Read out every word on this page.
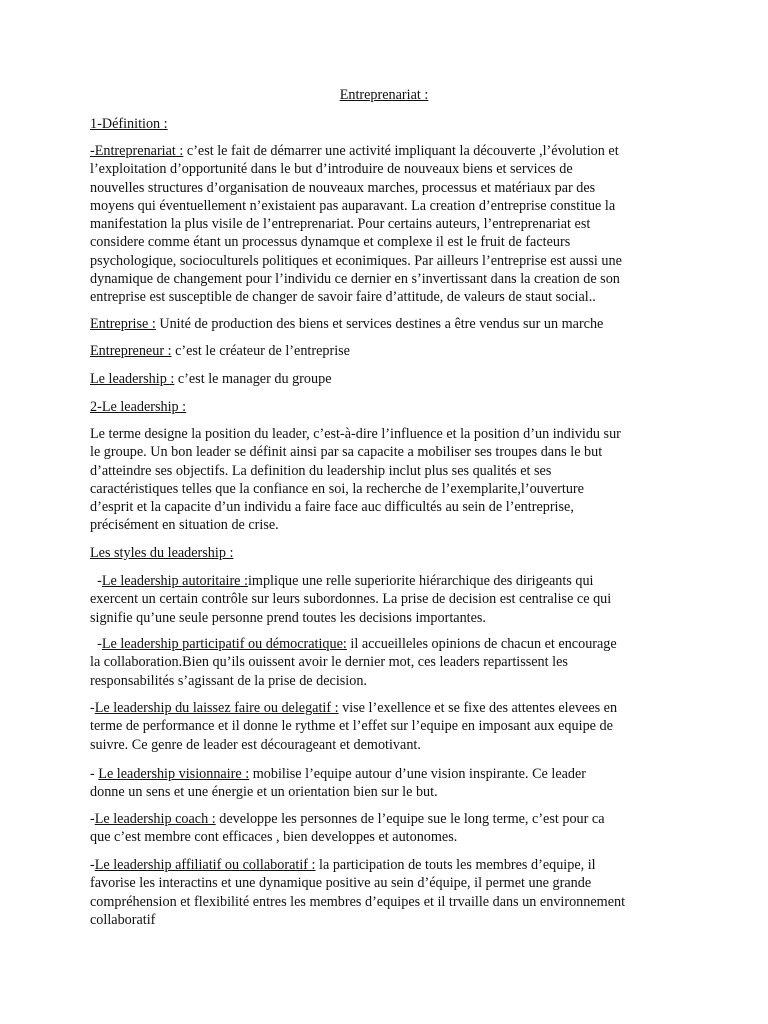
Entreprenariat :
1-Définition :
-Entreprenariat : c’est le fait de démarrer une activité impliquant la découverte ,l’évolution et
l’exploitation d’opportunité dans le but d’introduire de nouveaux biens et services de
nouvelles structures d’organisation de nouveaux marches, processus et matériaux par des
moyens qui éventuellement n’existaient pas auparavant. La creation d’entreprise constitue la
manifestation la plus visile de l’entreprenariat. Pour certains auteurs, l’entreprenariat est
considere comme étant un processus dynamque et complexe il est le fruit de facteurs
psychologique, socioculturels politiques et econimiques. Par ailleurs l’entreprise est aussi une
dynamique de changement pour l’individu ce dernier en s’invertissant dans la creation de son
entreprise est susceptible de changer de savoir faire d’attitude, de valeurs de staut social..
Entreprise : Unité de production des biens et services destines a être vendus sur un marche
Entrepreneur : c’est le créateur de l’entreprise
Le leadership : c’est le manager du groupe
2-Le leadership :
Le terme designe la position du leader, c’est-à-dire l’influence et la position d’un individu sur
le groupe. Un bon leader se définit ainsi par sa capacite a mobiliser ses troupes dans le but
d’atteindre ses objectifs. La definition du leadership inclut plus ses qualités et ses
caractéristiques telles que la confiance en soi, la recherche de l’exemplarite,l’ouverture
d’esprit et la capacite d’un individu a faire face auc difficultés au sein de l’entreprise,
précisément en situation de crise.
Les styles du leadership :
-Le leadership autoritaire :implique une relle superiorite hiérarchique des dirigeants qui
exercent un certain contrôle sur leurs subordonnes. La prise de decision est centralise ce qui
signifie qu’une seule personne prend toutes les decisions importantes.
-Le leadership participatif ou démocratique: il accueilleles opinions de chacun et encourage
la collaboration.Bien qu’ils ouissent avoir le dernier mot, ces leaders repartissent les
responsabilités s’agissant de la prise de decision.
-Le leadership du laissez faire ou delegatif : vise l’exellence et se fixe des attentes elevees en
terme de performance et il donne le rythme et l’effet sur l’equipe en imposant aux equipe de
suivre. Ce genre de leader est décourageant et demotivant.
- Le leadership visionnaire : mobilise l’equipe autour d’une vision inspirante. Ce leader
donne un sens et une énergie et un orientation bien sur le but.
-Le leadership coach : developpe les personnes de l’equipe sue le long terme, c’est pour ca
que c’est membre cont efficaces , bien developpes et autonomes.
-Le leadership affiliatif ou collaboratif : la participation de touts les membres d’equipe, il
favorise les interactins et une dynamique positive au sein d’équipe, il permet une grande
compréhension et flexibilité entres les membres d’equipes et il trvaille dans un environnement
collaboratif
